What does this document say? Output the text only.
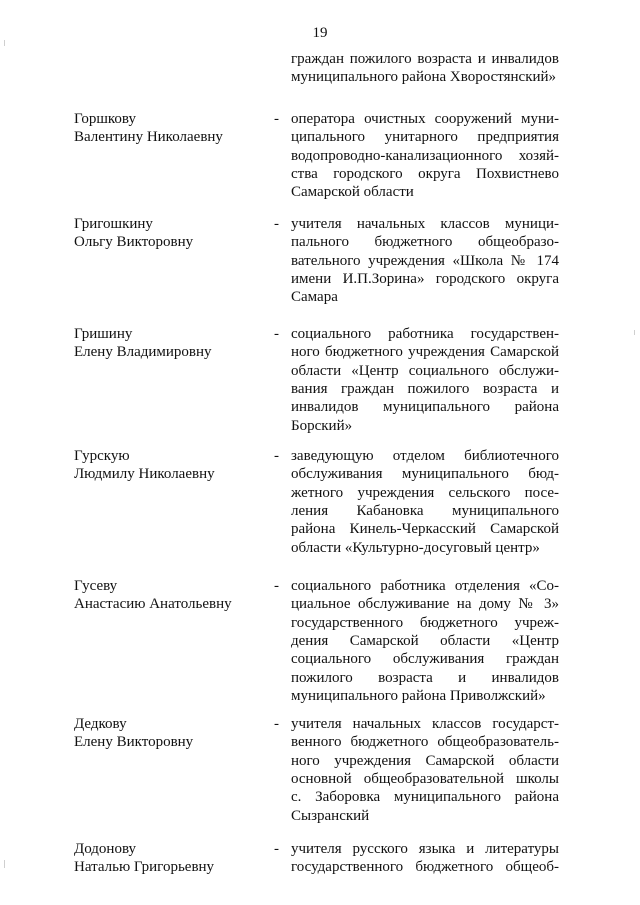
19
граждан пожилого возраста и инвалидов
муниципального района Хворостянский»
Горшкову
Валентину Николаевну
- оператора очистных сооружений муни-
ципального унитарного предприятия
водопроводно-канализационного хозяй-
ства городского округа Похвистнево
Самарской области
Григошкину
Ольгу Викторовну
- учителя начальных классов муници-
пального бюджетного общеобразо-
вательного учреждения «Школа № 174
имени И.П.Зорина» городского округа
Самара
Гришину
Елену Владимировну
- социального работника государствен-
ного бюджетного учреждения Самарской
области «Центр социального обслужи-
вания граждан пожилого возраста и
инвалидов муниципального района
Борский»
Гурскую
Людмилу Николаевну
- заведующую отделом библиотечного
обслуживания муниципального бюд-
жетного учреждения сельского посе-
ления Кабановка муниципального
района Кинель-Черкасский Самарской
области «Культурно-досуговый центр»
Гусеву
Анастасию Анатольевну
- социального работника отделения «Со-
циальное обслуживание на дому № 3»
государственного бюджетного учреж-
дения Самарской области «Центр
социального обслуживания граждан
пожилого возраста и инвалидов
муниципального района Приволжский»
Дедкову
Елену Викторовну
- учителя начальных классов государст-
венного бюджетного общеобразователь-
ного учреждения Самарской области
основной общеобразовательной школы
с. Заборовка муниципального района
Сызранский
Додонову
Наталью Григорьевну
- учителя русского языка и литературы
государственного бюджетного общеоб-
